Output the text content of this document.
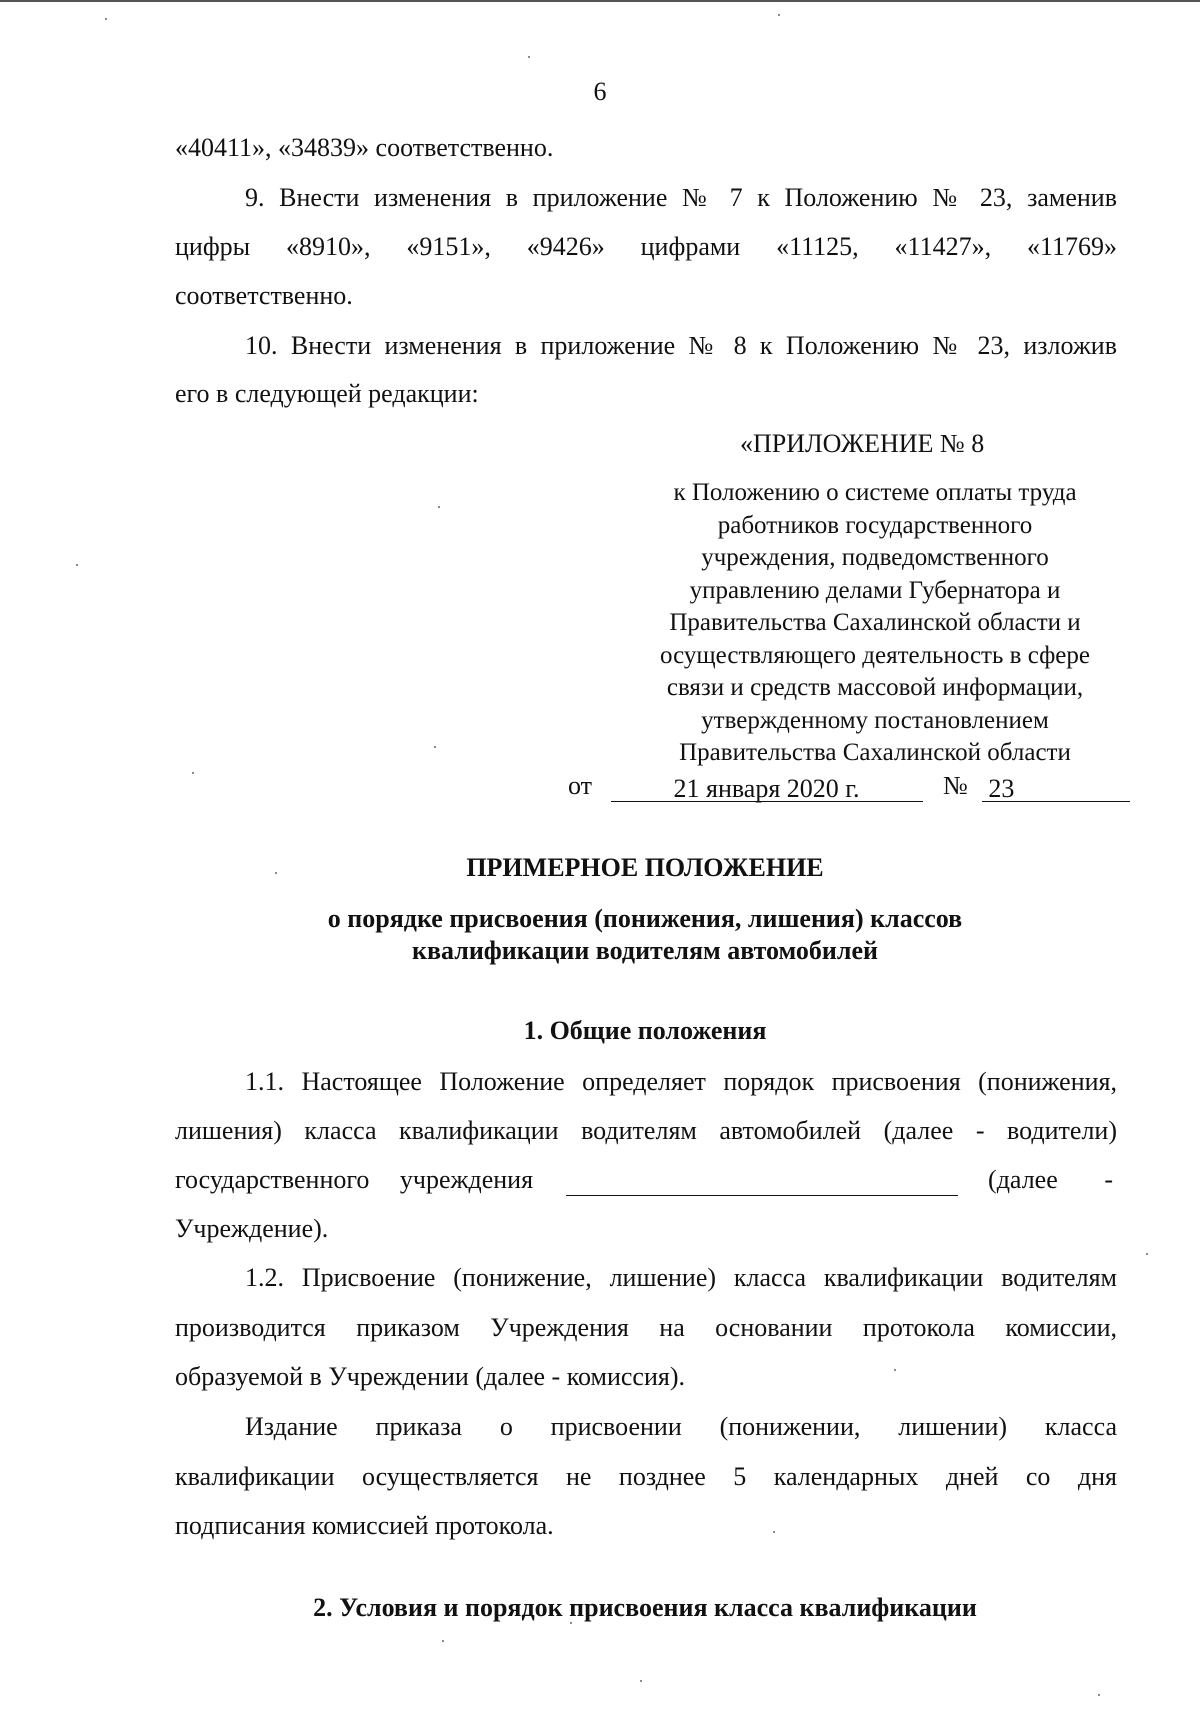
6
«40411», «34839» соответственно.
9. Внести изменения в приложение № 7 к Положению № 23, заменив
цифры «8910», «9151», «9426» цифрами «11125, «11427», «11769»
соответственно.
10. Внести изменения в приложение № 8 к Положению № 23, изложив
его в следующей редакции:
«ПРИЛОЖЕНИЕ № 8
к Положению о системе оплаты труда
работников государственного
учреждения, подведомственного
управлению делами Губернатора и
Правительства Сахалинской области и
осуществляющего деятельность в сфере
связи и средств массовой информации,
утвержденному постановлением
Правительства Сахалинской области
от	21 января 2020 г.	№ 23
ПРИМЕРНОЕ ПОЛОЖЕНИЕ
о порядке присвоения (понижения, лишения) классов
квалификации водителям автомобилей
1. Общие положения
1.1. Настоящее Положение определяет порядок присвоения (понижения,
лишения) класса квалификации водителям автомобилей (далее - водители)
государственного учреждения	(далее -
Учреждение).
1.2. Присвоение (понижение, лишение) класса квалификации водителям
производится приказом Учреждения на основании протокола комиссии,
образуемой в Учреждении (далее - комиссия).
Издание приказа о присвоении (понижении, лишении) класса
квалификации осуществляется не позднее 5 календарных дней со дня
подписания комиссией протокола.
2. Условия и порядок присвоения класса квалификации
